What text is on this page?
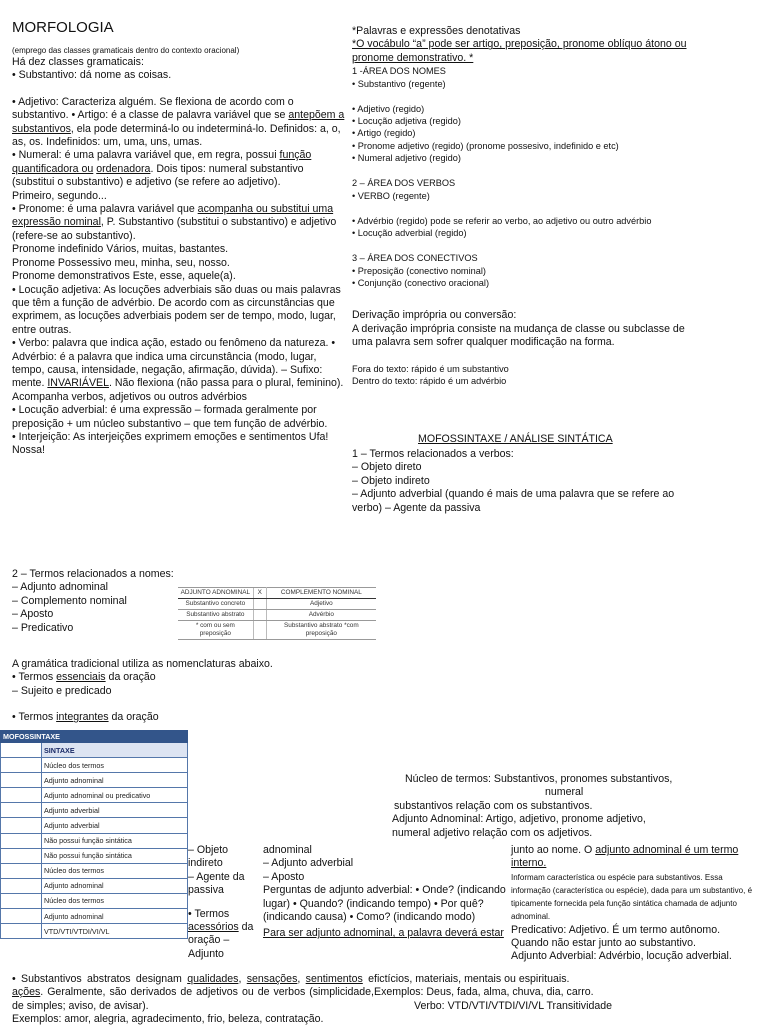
MORFOLOGIA

(emprego das classes gramaticais dentro do contexto oracional)

Há dez classes gramaticais:

• Substantivo: dá nome as coisas.

• Adjetivo: Caracteriza alguém. Se flexiona de acordo com o substantivo. • Artigo: é a classe de palavra variável que se antepõem a substantivos, ela pode determiná-lo ou indeterminá-lo. Definidos: a, o, as, os. Indefinidos: um, uma, uns, umas.

• Numeral: é uma palavra variável que, em regra, possui função quantificadora ou ordenadora. Dois tipos: numeral substantivo (substitui o substantivo) e adjetivo (se refere ao adjetivo).

Primeiro, segundo...

• Pronome: é uma palavra variável que acompanha ou substitui uma expressão nominal, P. Substantivo (substitui o substantivo) e adjetivo (refere-se ao substantivo).

Pronome indefinido Vários, muitas, bastantes.

Pronome Possessivo meu, minha, seu, nosso.

Pronome demonstrativos Este, esse, aquele(a).

• Locução adjetiva: As locuções adverbiais são duas ou mais palavras que têm a função de advérbio. De acordo com as circunstâncias que exprimem, as locuções adverbiais podem ser de tempo, modo, lugar, entre outras.

• Verbo: palavra que indica ação, estado ou fenômeno da natureza. • Advérbio: é a palavra que indica uma circunstância (modo, lugar, tempo, causa, intensidade, negação, afirmação, dúvida). – Sufixo: mente. INVARIÁVEL. Não flexiona (não passa para o plural, feminino). Acompanha verbos, adjetivos ou outros advérbios

• Locução adverbial: é uma expressão – formada geralmente por preposição + um núcleo substantivo – que tem função de advérbio.

• Interjeição: As interjeições exprimem emoções e sentimentos Ufa! Nossa!

*Palavras e expressões denotativas

*O vocábulo “a” pode ser artigo, preposição, pronome oblíquo átono ou pronome demonstrativo. *

1 -ÁREA DOS NOMES

• Substantivo (regente)

• Adjetivo (regido)

• Locução adjetiva (regido)

• Artigo (regido)

• Pronome adjetivo (regido) (pronome possesivo, indefinido e etc)

• Numeral adjetivo (regido)

2 – ÁREA DOS VERBOS

• VERBO (regente)

• Advérbio (regido) pode se referir ao verbo, ao adjetivo ou outro advérbio

• Locução adverbial (regido)

3 – ÁREA DOS CONECTIVOS

• Preposição (conectivo nominal)

• Conjunção (conectivo oracional)

Derivação imprópria ou conversão:

A derivação imprópria consiste na mudança de classe ou subclasse de uma palavra sem sofrer qualquer modificação na forma.

Fora do texto: rápido é um substantivo

Dentro do texto: rápido é um advérbio

MOFOSSINTAXE / ANÁLISE SINTÁTICA

1 – Termos relacionados a verbos:

– Objeto direto

– Objeto indireto

– Adjunto adverbial (quando é mais de uma palavra que se refere ao verbo) – Agente da passiva

2 – Termos relacionados a nomes:

– Adjunto adnominal

– Complemento nominal

– Aposto

– Predicativo

ADJUNTO ADNOMINAL	X	COMPLEMENTO NOMINAL
Substantivo concreto		Adjetivo
Substantivo abstrato		Advérbio
* com ou sem preposição		Substantivo abstrato *com preposição

A gramática tradicional utiliza as nomenclaturas abaixo.

• Termos essenciais da oração

– Sujeito e predicado

• Termos integrantes da oração

MOFOSSINTAXE	
	SINTAXE
	Núcleo dos termos
	Adjunto adnominal
	Adjunto adnominal ou predicativo
	Adjunto adverbial
	Adjunto adverbial
	Não possui função sintática
	Não possui função sintática
	Núcleo dos termos
	Adjunto adnominal
	Núcleo dos termos
	Adjunto adnominal
	VTD/VTI/VTDI/VI/VL

– Objeto indireto

– Agente da passiva

• Termos acessórios da oração – Adjunto

adnominal

– Adjunto adverbial

– Aposto

Perguntas de adjunto adverbial: • Onde? (indicando lugar) • Quando? (indicando tempo) • Por quê? (indicando causa) • Como? (indicando modo)

Para ser adjunto adnominal, a palavra deverá estar

Núcleo de termos: Substantivos, pronomes substantivos,

numeral

substantivos relação com os substantivos.

Adjunto Adnominal: Artigo, adjetivo, pronome adjetivo,

numeral adjetivo relação com os adjetivos.

junto ao nome. O adjunto adnominal é um termo interno.

Informam característica ou espécie para substantivos. Essa informação (característica ou espécie), dada para um substantivo, é tipicamente fornecida pela função sintática chamada de adjunto adnominal.

Predicativo: Adjetivo. É um termo autônomo. Quando não estar junto ao substantivo.

Adjunto Adverbial: Advérbio, locução adverbial.

• Substantivos abstratos designam qualidades, sensações, sentimentos e ações. Geralmente, são derivados de adjetivos ou de verbos (simplicidade, de simples; aviso, de avisar).

Exemplos: amor, alegria, agradecimento, frio, beleza, contratação.

fictícios, materiais, mentais ou espirituais.

Exemplos: Deus, fada, alma, chuva, dia, carro.

Verbo: VTD/VTI/VTDI/VI/VL Transitividade
